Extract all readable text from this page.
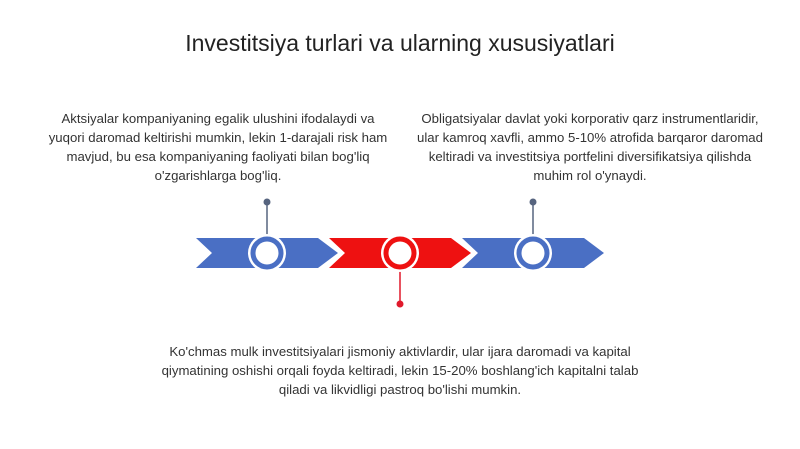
Investitsiya turlari va ularning xususiyatlari
Aktsiyalar kompaniyaning egalik ulushini ifodalaydi va yuqori daromad keltirishi mumkin, lekin 1-darajali risk ham mavjud, bu esa kompaniyaning faoliyati bilan bog'liq o'zgarishlarga bog'liq.
Obligatsiyalar davlat yoki korporativ qarz instrumentlaridir, ular kamroq xavfli, ammo 5-10% atrofida barqaror daromad keltiradi va investitsiya portfelini diversifikatsiya qilishda muhim rol o'ynaydi.
Ko'chmas mulk investitsiyalari jismoniy aktivlardir, ular ijara daromadi va kapital qiymatining oshishi orqali foyda keltiradi, lekin 15-20% boshlang'ich kapitalni talab qiladi va likvidligi pastroq bo'lishi mumkin.
